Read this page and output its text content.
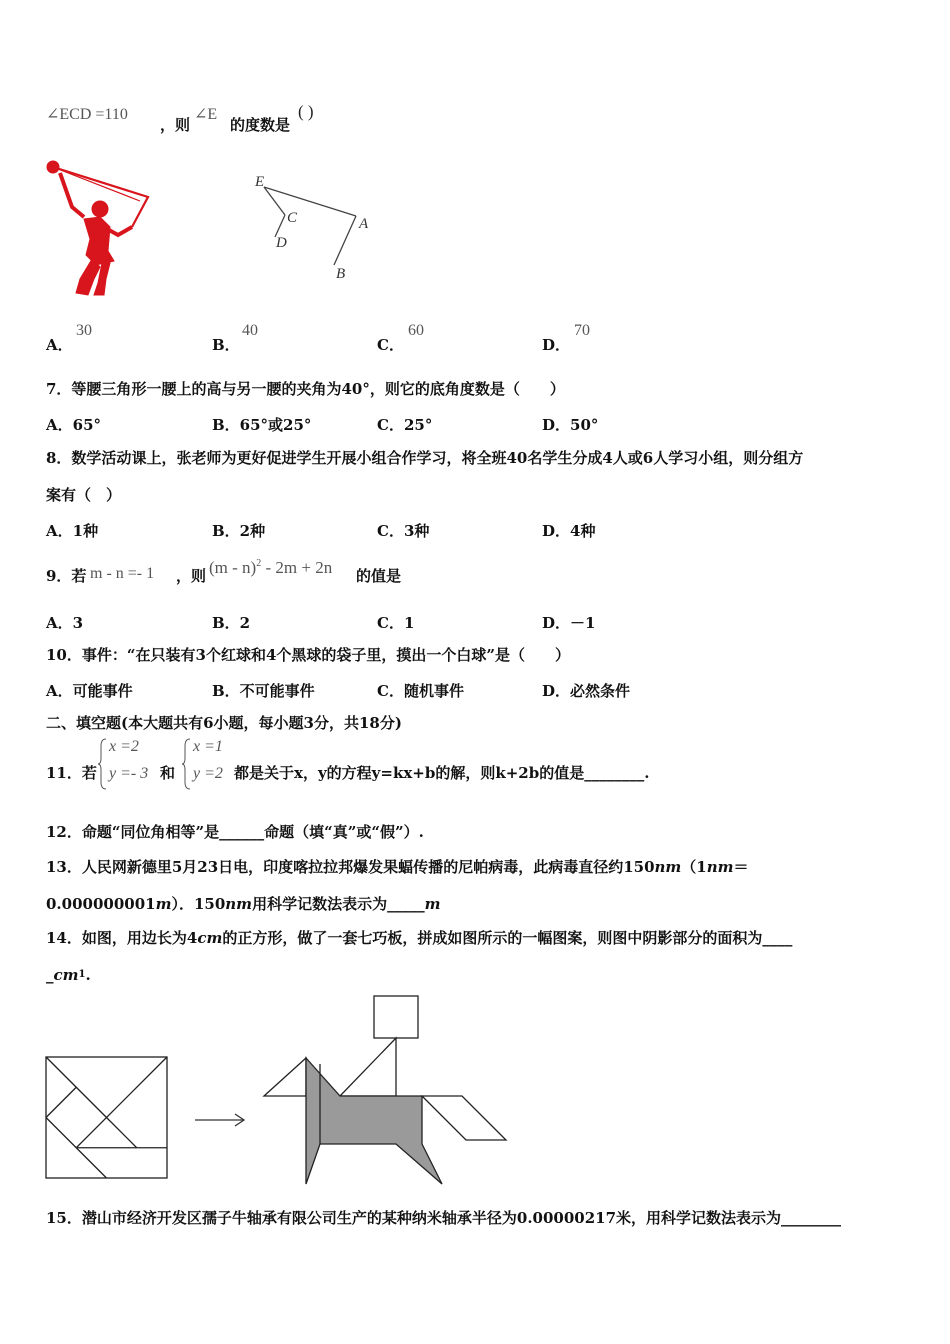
∠ECD =110
，则
∠E
的度数是
( )
E
C
D
A
B
A．
30
B．
40
C．
60
D．
70
7．等腰三角形一腰上的高与另一腰的夹角为40°，则它的底角度数是（　　）
A．65°	B．65°或25°	C．25°	D．50°
8．数学活动课上，张老师为更好促进学生开展小组合作学习，将全班40名学生分成4人或6人学习小组，则分组方
案有（　）
A．1种	B．2种	C．3种	D．4种
9．若 m - n =- 1 ，则 (m - n)$^2$ - 2m + 2n 的值是
A．3	B．2	C．1	D．－1
10．事件：“在只装有3个红球和4个黑球的袋子里，摸出一个白球”是（　　）
A．可能事件	B．不可能事件	C．随机事件	D．必然条件
二、填空题(本大题共有6小题，每小题3分，共18分)
11．若
x =2
y =- 3 和
x =1
y =2 都是关于x，y的方程y=kx+b的解，则k+2b的值是________.
12．命题“同位角相等”是______命题（填“真”或“假”）.
13．人民网新德里5月23日电，印度喀拉拉邦爆发果蝠传播的尼帕病毒，此病毒直径约150nm（1nm＝
0.000000001m）．150nm用科学记数法表示为_____m
14．如图，用边长为4cm的正方形，做了一套七巧板，拼成如图所示的一幅图案，则图中阴影部分的面积为____
$\_cm^1$.
15．潜山市经济开发区孺子牛轴承有限公司生产的某种纳米轴承半径为0.00000217米，用科学记数法表示为________
